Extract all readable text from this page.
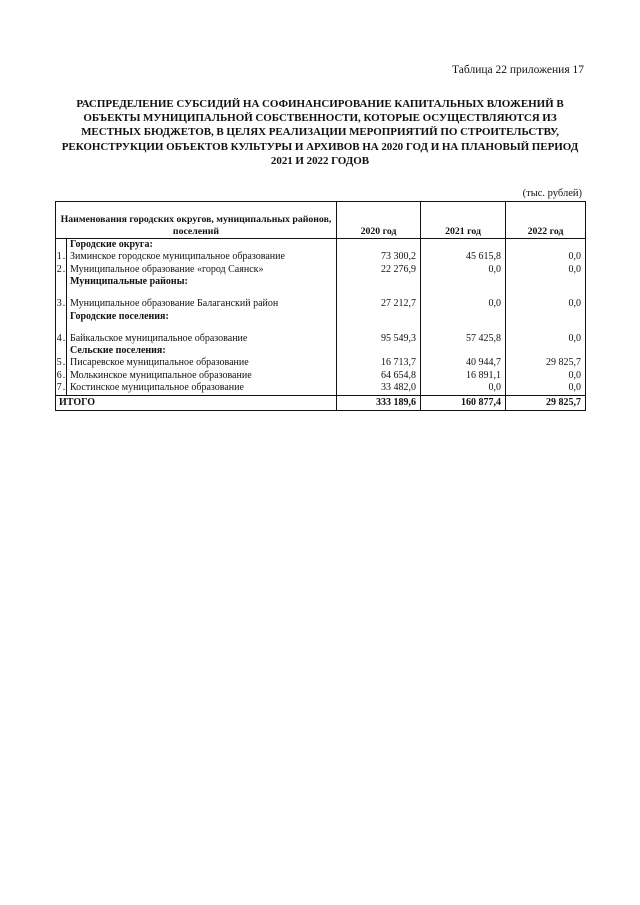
Таблица 22 приложения 17
РАСПРЕДЕЛЕНИЕ СУБСИДИЙ НА СОФИНАНСИРОВАНИЕ КАПИТАЛЬНЫХ ВЛОЖЕНИЙ В ОБЪЕКТЫ МУНИЦИПАЛЬНОЙ СОБСТВЕННОСТИ, КОТОРЫЕ ОСУЩЕСТВЛЯЮТСЯ ИЗ МЕСТНЫХ БЮДЖЕТОВ, В ЦЕЛЯХ РЕАЛИЗАЦИИ МЕРОПРИЯТИЙ ПО СТРОИТЕЛЬСТВУ, РЕКОНСТРУКЦИИ ОБЪЕКТОВ КУЛЬТУРЫ И АРХИВОВ НА 2020 ГОД И НА ПЛАНОВЫЙ ПЕРИОД 2021 И 2022 ГОДОВ
(тыс. рублей)
Наименования городских округов, муниципальных районов, поселений		2020 год	2021 год	2022 год
	Городские округа:			
1.	Зиминское городское муниципальное образование	73 300,2	45 615,8	0,0
2.	Муниципальное образование «город Саянск»	22 276,9	0,0	0,0
	Муниципальные районы:			
3.	Муниципальное образование Балаганский район	27 212,7	0,0	0,0
	Городские поселения:			
4.	Байкальское муниципальное образование	95 549,3	57 425,8	0,0
	Сельские поселения:			
5.	Писаревское муниципальное образование	16 713,7	40 944,7	29 825,7
6.	Молькинское муниципальное образование	64 654,8	16 891,1	0,0
7.	Костинское муниципальное образование	33 482,0	0,0	0,0
ИТОГО		333 189,6	160 877,4	29 825,7
